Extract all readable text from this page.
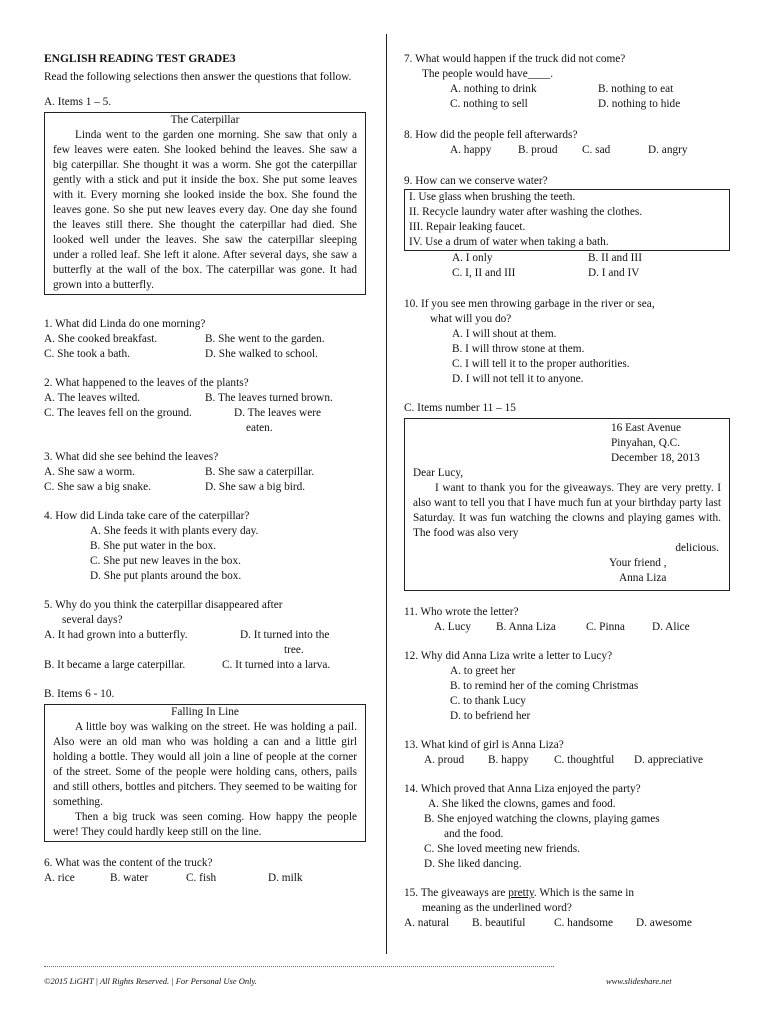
ENGLISH READING TEST GRADE3
Read the following selections then answer the questions that follow.
A. Items 1 – 5.

The Caterpillar

Linda went to the garden one morning. She saw that only a few leaves were eaten. She looked behind the leaves. She saw a big caterpillar. She thought it was a worm. She got the caterpillar gently with a stick and put it inside the box. She put some leaves with it. Every morning she looked inside the box. She found the leaves gone. So she put new leaves every day. One day she found the leaves still there. She thought the caterpillar had died. She looked well under the leaves. She saw the caterpillar sleeping under a rolled leaf. She left it alone. After several days, she saw a butterfly at the wall of the box. The caterpillar was gone. It had grown into a butterfly.

1. What did Linda do one morning?
A. She cooked breakfast.	B. She went to the garden.
C. She took a bath.	D. She walked to school.
2. What happened to the leaves of the plants?
A. The leaves wilted.	B. The leaves turned brown.
C. The leaves fell on the ground.	D. The leaves were
eaten.
3. What did she see behind the leaves?
A. She saw a worm.	B. She saw a caterpillar.
C. She saw a big snake.	D. She saw a big bird.
4. How did Linda take care of the caterpillar?
A. She feeds it with plants every day.
B. She put water in the box.
C. She put new leaves in the box.
D. She put plants around the box.
5. Why do you think the caterpillar disappeared after
several days?
A. It had grown into a butterfly.	D. It turned into the
tree.
B. It became a large caterpillar.	C. It turned into a larva.
B. Items 6 - 10.

Falling In Line

A little boy was walking on the street. He was holding a pail. Also were an old man who was holding a can and a little girl holding a bottle. They would all join a line of people at the corner of the street. Some of the people were holding cans, others, pails and still others, bottles and pitchers. They seemed to be waiting for something.

Then a big truck was seen coming. How happy the people were! They could hardly keep still on the line.

6. What was the content of the truck?
A. rice	B. water	C. fish	D. milk
7. What would happen if the truck did not come?
The people would have____.
A. nothing to drink	B. nothing to eat
C. nothing to sell	D. nothing to hide
8. How did the people fell afterwards?
A. happy	B. proud	C. sad	D. angry
9. How can we conserve water?
I. Use glass when brushing the teeth.
II. Recycle laundry water after washing the clothes.
III. Repair leaking faucet.
IV. Use a drum of water when taking a bath.
A. I only	B. II and III
C. I, II and III	D. I and IV
10. If you see men throwing garbage in the river or sea,
what will you do?
A. I will shout at them.
B. I will throw stone at them.
C. I will tell it to the proper authorities.
D. I will not tell it to anyone.
C. Items number 11 – 15
16 East Avenue
Pinyahan, Q.C.
December 18, 2013
Dear Lucy,
I want to thank you for the giveaways. They are very pretty. I also want to tell you that I have much fun at your birthday party last Saturday. It was fun watching the clowns and playing games with. The food was also very
delicious.
Your friend ,
Anna Liza
11. Who wrote the letter?
A. Lucy	B. Anna Liza	C. Pinna	D. Alice
12. Why did Anna Liza write a letter to Lucy?
A. to greet her
B. to remind her of the coming Christmas
C. to thank Lucy
D. to befriend her
13. What kind of girl is Anna Liza?
A. proud	B. happy	C. thoughtful	D. appreciative
14. Which proved that Anna Liza enjoyed the party?
A. She liked the clowns, games and food.
B. She enjoyed watching the clowns, playing games
and the food.
C. She loved meeting new friends.
D. She liked dancing.
15. The giveaways are pretty. Which is the same in
meaning as the underlined word?
A. natural	B. beautiful	C. handsome	D. awesome
©2015 LiGHT | All Rights Reserved. | For Personal Use Only.	www.slideshare.net
